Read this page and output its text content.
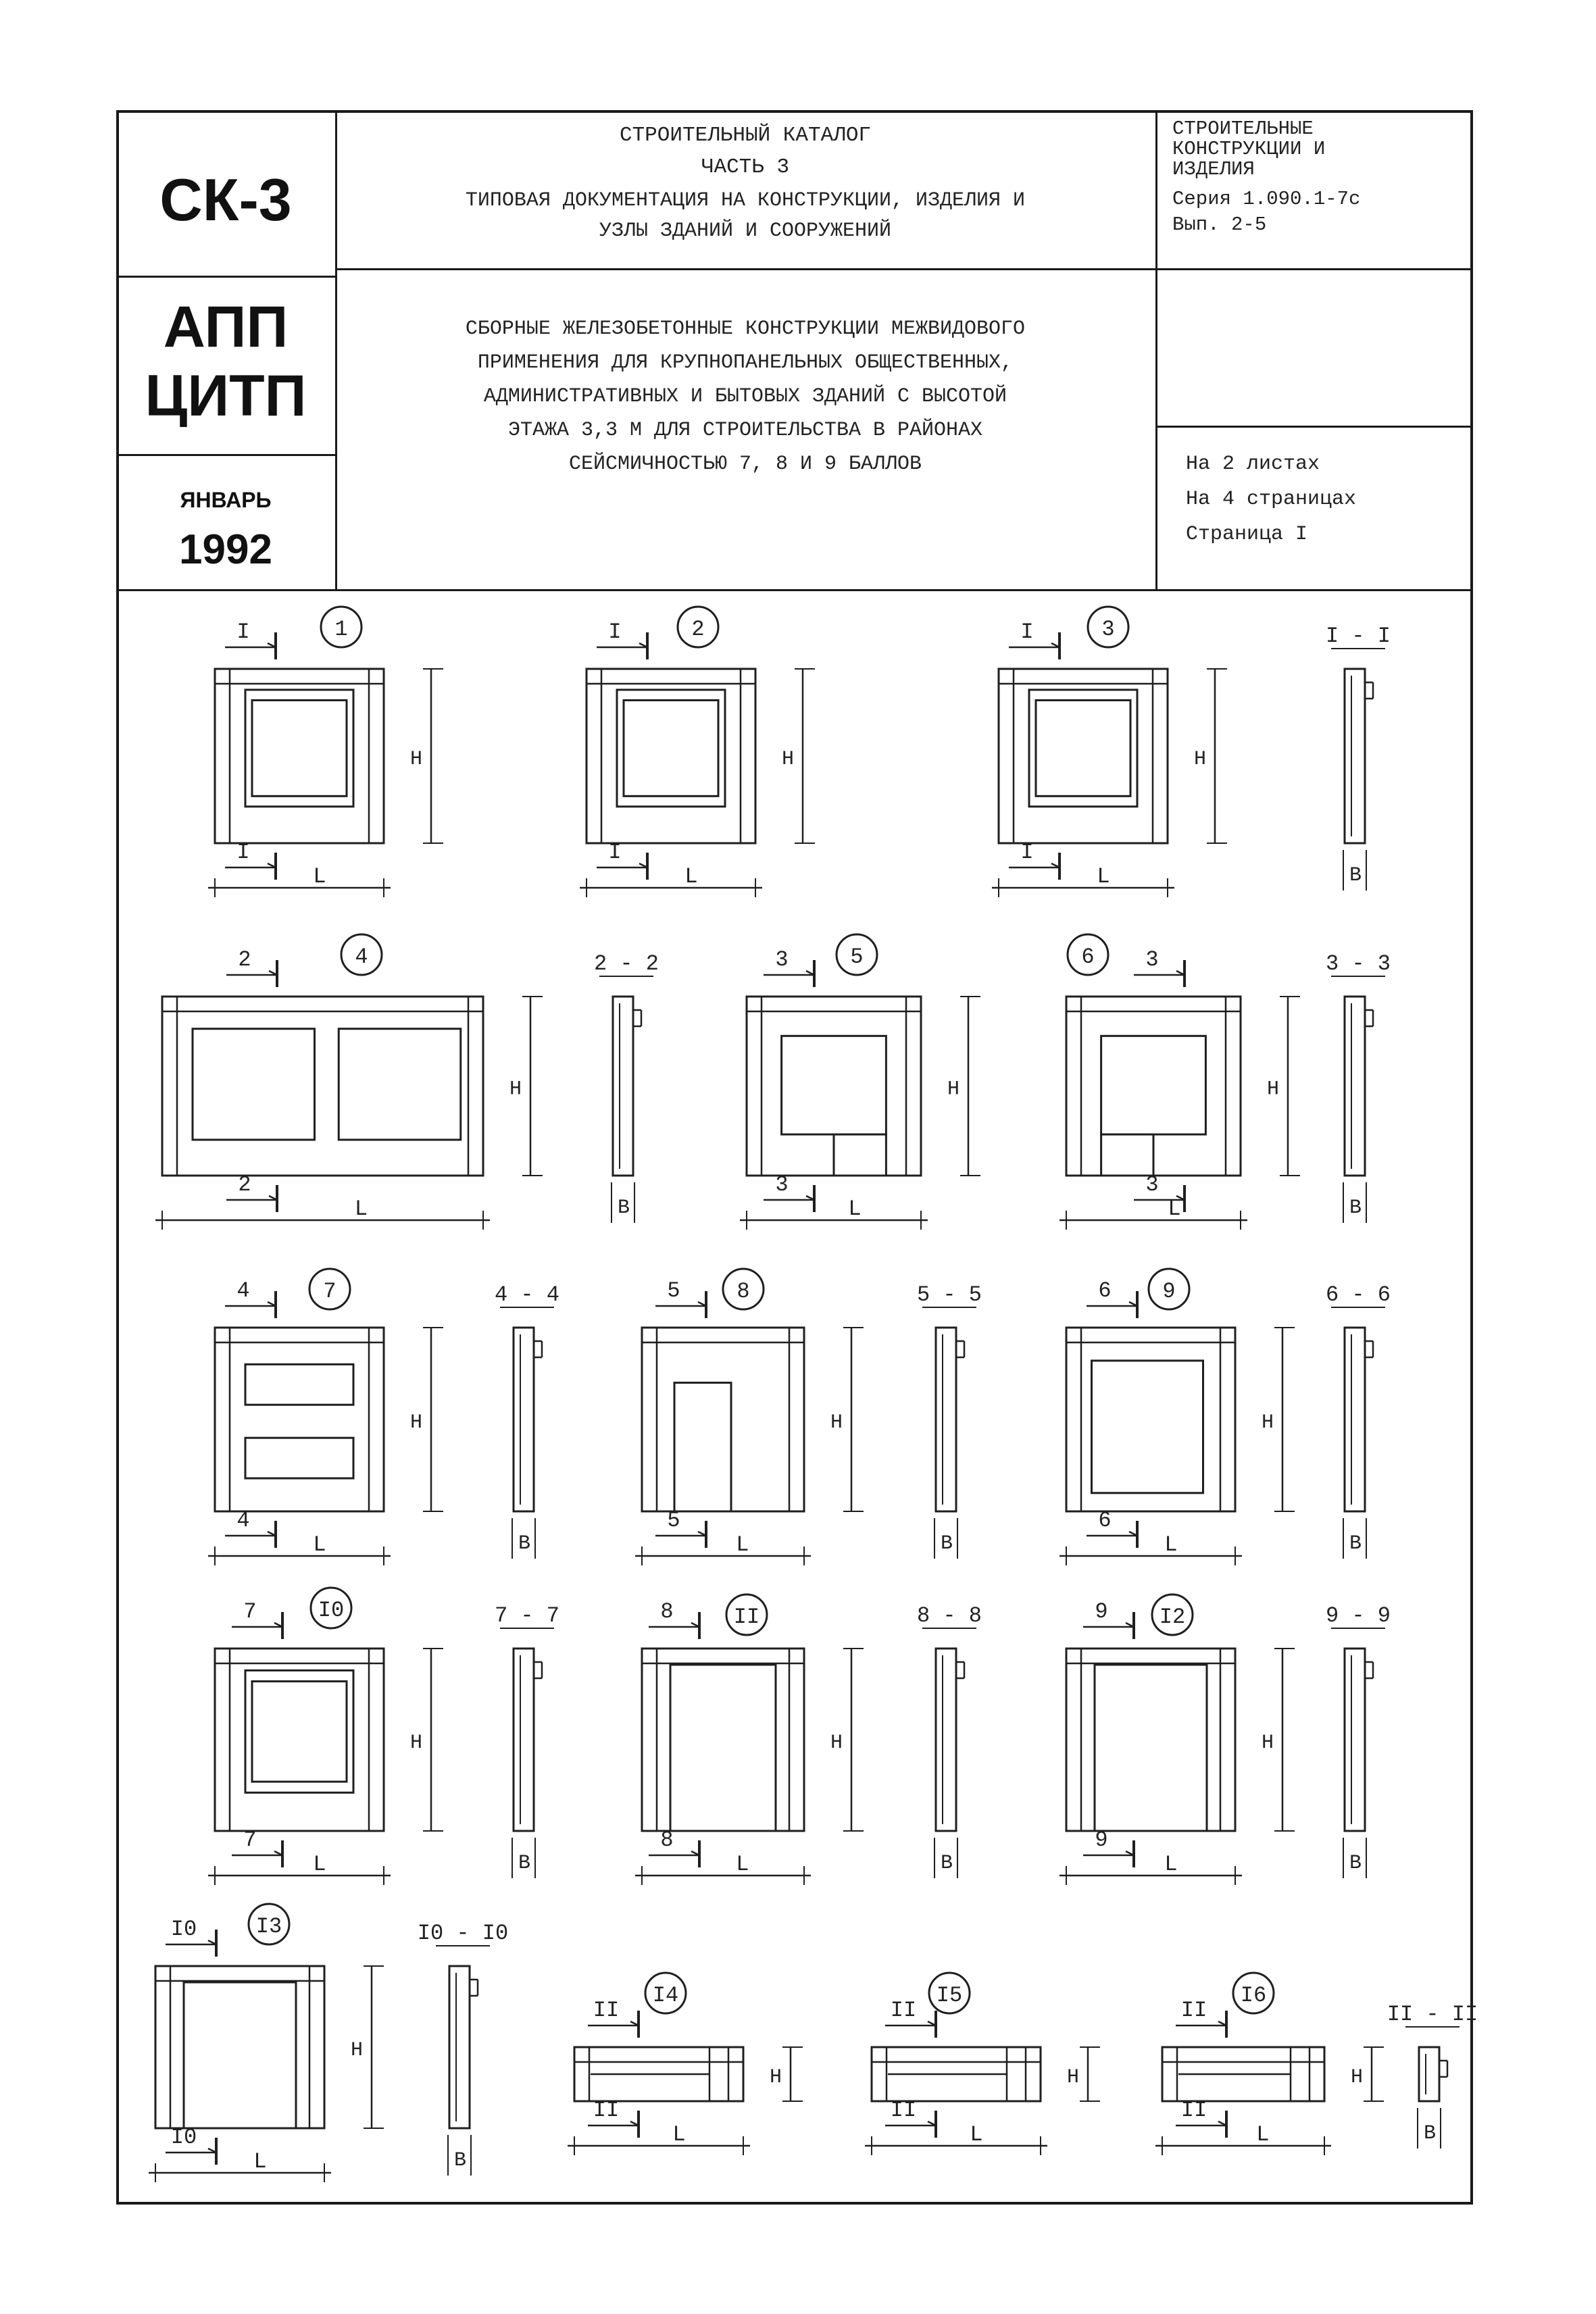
СК-3
АПП
ЦИТП
ЯНВАРЬ
1992
СТРОИТЕЛЬНЫЙ КАТАЛОГ
ЧАСТЬ 3
ТИПОВАЯ ДОКУМЕНТАЦИЯ НА КОНСТРУКЦИИ, ИЗДЕЛИЯ И
УЗЛЫ ЗДАНИЙ И СООРУЖЕНИЙ
СТРОИТЕЛЬНЫЕ
КОНСТРУКЦИИ И
ИЗДЕЛИЯ
Серия 1.090.1-7с
Вып. 2-5
СБОРНЫЕ ЖЕЛЕЗОБЕТОННЫЕ КОНСТРУКЦИИ МЕЖВИДОВОГО
ПРИМЕНЕНИЯ ДЛЯ КРУПНОПАНЕЛЬНЫХ ОБЩЕСТВЕННЫХ,
АДМИНИСТРАТИВНЫХ И БЫТОВЫХ ЗДАНИЙ С ВЫСОТОЙ
ЭТАЖА 3,3 М ДЛЯ СТРОИТЕЛЬСТВА В РАЙОНАХ
СЕЙСМИЧНОСТЬЮ 7, 8 И 9 БАЛЛОВ	На 2 листах
На 4 страницах
Страница I
1
I
I
Н
L
2
I
I
Н
L
3
I
I
Н
L
I - I
B
4
2
2
Н
L
2 - 2
B
5
3
3
Н
L
6 3
3
Н
L
3 - 3
B
7
4
4
Н
L
4 - 4
B
8
5
5
Н
L
5 - 5
B
9
6
6
Н
L
6 - 6
B
I0
7
7
Н
L
7 - 7
B
II
8
8
Н
L
8 - 8
B
I2
9
9
Н
L
9 - 9
B
I3
I0
I0
Н
L
I0 - I0
B
I4
II
II
Н
L
I5
II
II
Н
L
I6
II
II
Н
L
II - II
B
